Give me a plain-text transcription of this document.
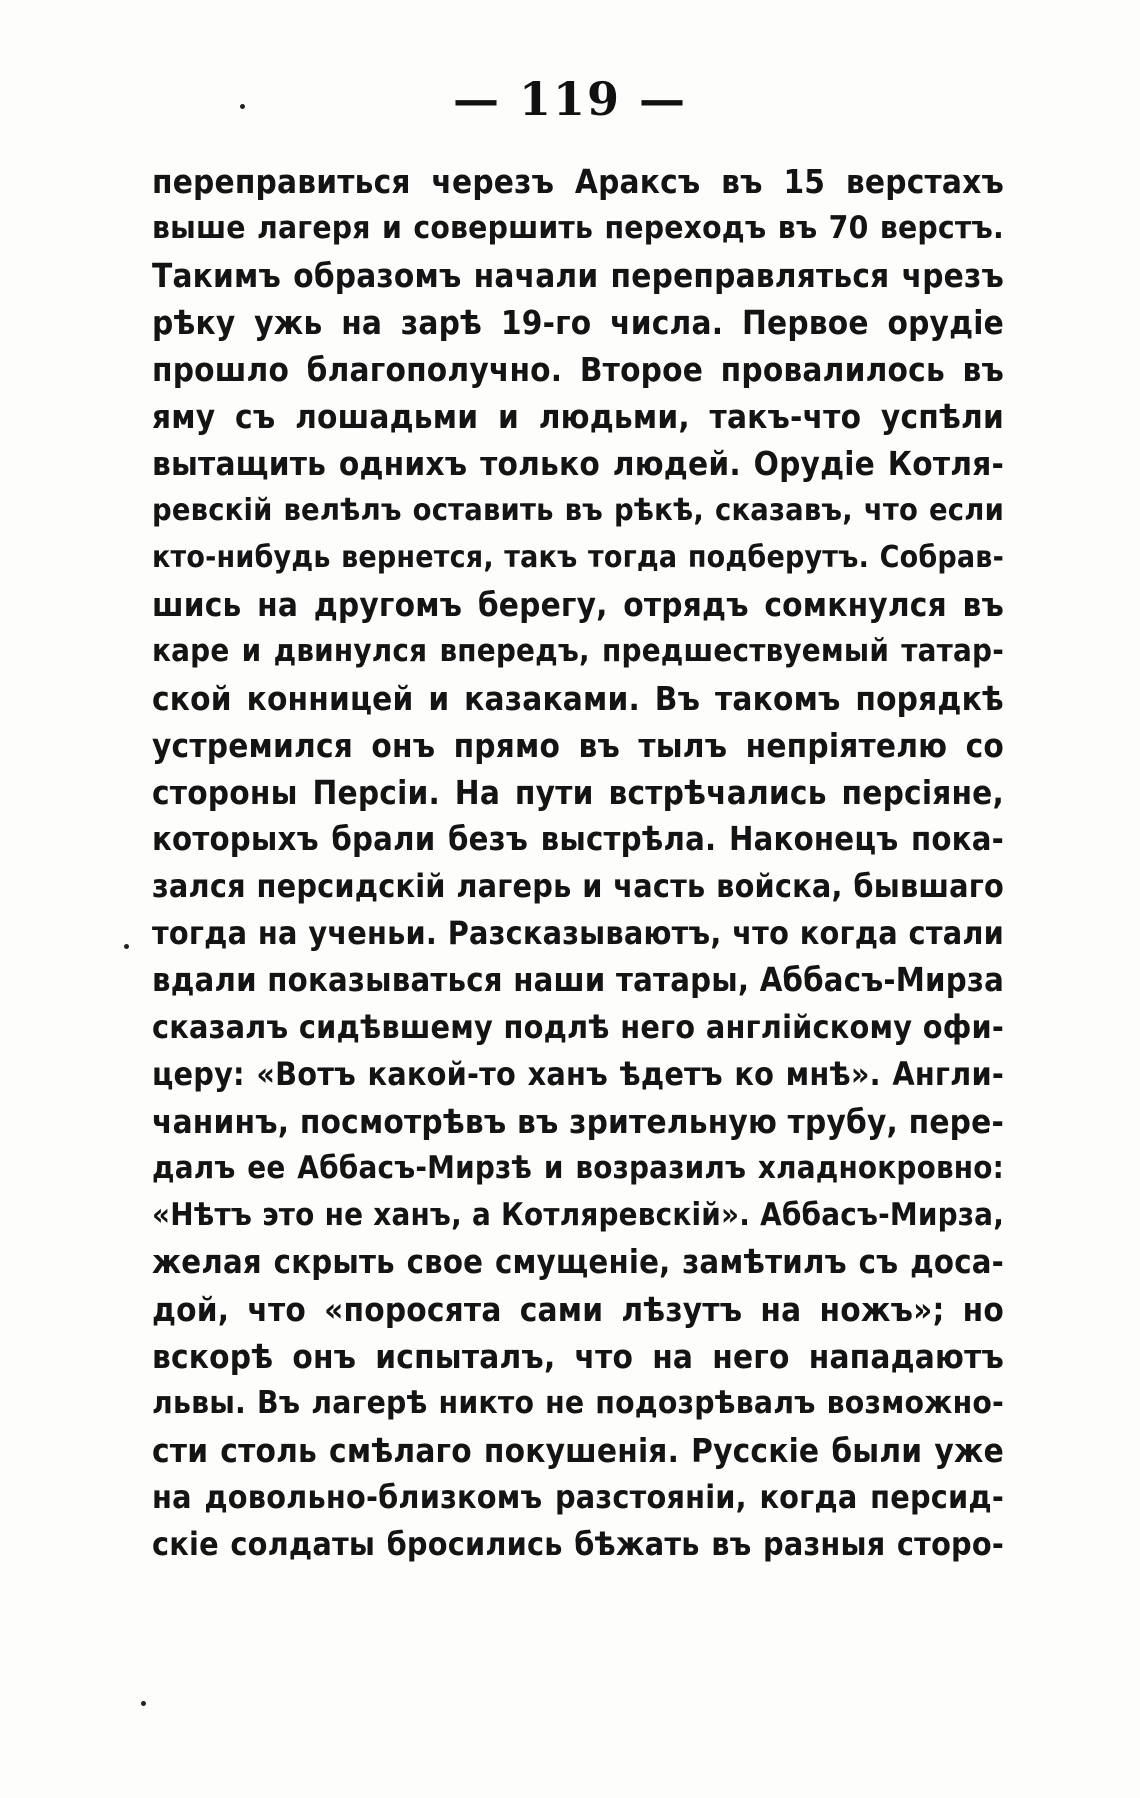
— 119 —
переправиться черезъ Араксъ въ 15 верстахъ
выше лагеря и совершить переходъ въ 70 верстъ.
Такимъ образомъ начали переправляться чрезъ
рѣку ужь на зарѣ 19-го числа. Первое орудіе
прошло благополучно. Второе провалилось въ
яму съ лошадьми и людьми, такъ-что успѣли
вытащить однихъ только людей. Орудіе Котля-
ревскій велѣлъ оставить въ рѣкѣ, сказавъ, что если
кто-нибудь вернется, такъ тогда подберутъ. Собрав-
шись на другомъ берегу, отрядъ сомкнулся въ
каре и двинулся впередъ, предшествуемый татар-
ской конницей и казаками. Въ такомъ порядкѣ
устремился онъ прямо въ тылъ непріятелю со
стороны Персіи. На пути встрѣчались персіяне,
которыхъ брали безъ выстрѣла. Наконецъ пока-
зался персидскій лагерь и часть войска, бывшаго
тогда на ученьи. Разсказываютъ, что когда стали
вдали показываться наши татары, Аббасъ-Мирза
сказалъ сидѣвшему подлѣ него англійскому офи-
церу: «Вотъ какой-то ханъ ѣдетъ ко мнѣ». Англи-
чанинъ, посмотрѣвъ въ зрительную трубу, пере-
далъ ее Аббасъ-Мирзѣ и возразилъ хладнокровно:
«Нѣтъ это не ханъ, а Котляревскій». Аббасъ-Мирза,
желая скрыть свое смущеніе, замѣтилъ съ доса-
дой, что «поросята сами лѣзутъ на ножъ»; но
вскорѣ онъ испыталъ, что на него нападаютъ
львы. Въ лагерѣ никто не подозрѣвалъ возможно-
сти столь смѣлаго покушенія. Русскіе были уже
на довольно-близкомъ разстояніи, когда персид-
скіе солдаты бросились бѣжать въ разныя сторо-
